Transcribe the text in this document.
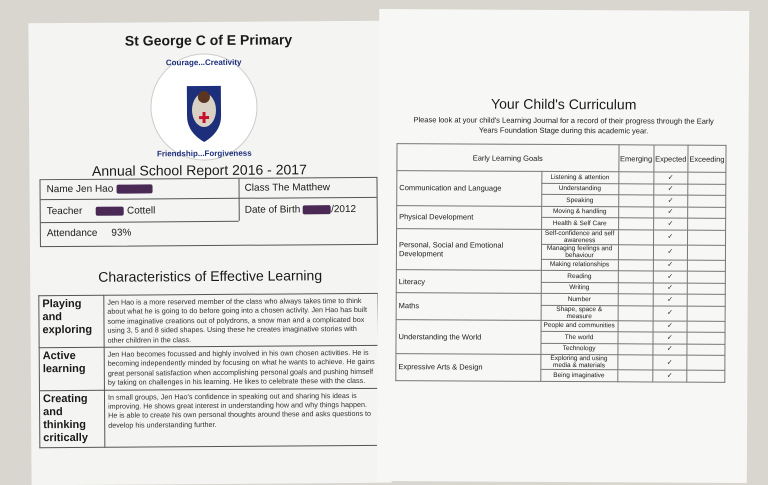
St George C of E Primary
Courage...Creativity
Friendship...Forgiveness
Annual School Report 2016 - 2017
Name Jen Hao	Class The Matthew
Teacher	Cottell	Date of Birth	/2012
Attendance 93%
Characteristics of Effective Learning
Playing and exploring	Jen Hao is a more reserved member of the class who always takes time to think about what he is going to do before going into a chosen activity. Jen Hao has built some imaginative creations out of polydrons, a snow man and a complicated box using 3, 5 and 8 sided shapes. Using these he creates imaginative stories with other children in the class.
Active learning	Jen Hao becomes focussed and highly involved in his own chosen activities. He is becoming independently minded by focusing on what he wants to achieve. He gains great personal satisfaction when accomplishing personal goals and pushing himself by taking on challenges in his learning. He likes to celebrate these with the class.
Creating and thinking critically	In small groups, Jen Hao's confidence in speaking out and sharing his ideas is improving. He shows great interest in understanding how and why things happen. He is able to create his own personal thoughts around these and asks questions to develop his understanding further.
Your Child's Curriculum
Please look at your child's Learning Journal for a record of their progress through the Early Years Foundation Stage during this academic year.
Early Learning Goals		Emerging	Expected	Exceeding
Communication and Language	Listening & attention		✓	
	Understanding		✓	
	Speaking		✓	
Physical Development	Moving & handling		✓	
	Health & Self Care		✓	
Personal, Social and Emotional Development	Self-confidence and self awareness		✓	
	Managing feelings and behaviour		✓	
	Making relationships		✓	
Literacy	Reading		✓	
	Writing		✓	
Maths	Number		✓	
	Shape, space & measure		✓	
Understanding the World	People and communities		✓	
	The world		✓	
	Technology		✓	
Expressive Arts & Design	Exploring and using media & materials		✓	
	Being imaginative		✓	
